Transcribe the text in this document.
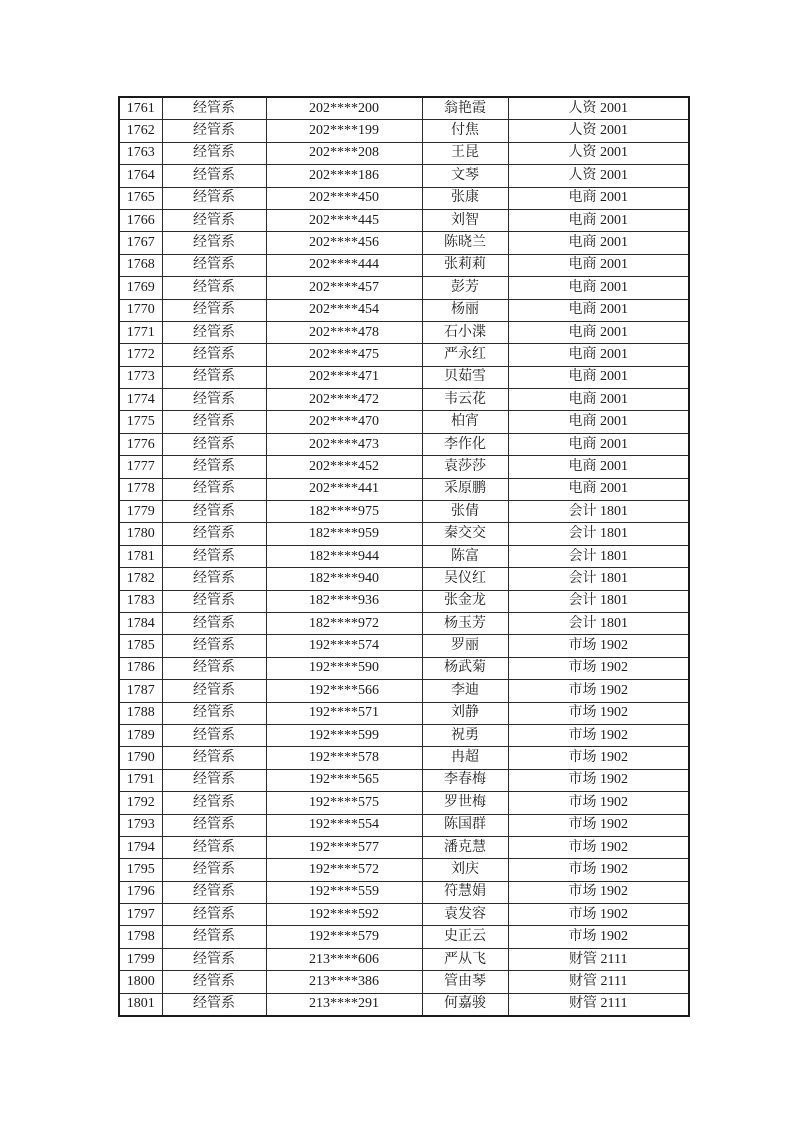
1761	经管系	202****200	翁艳霞	人资 2001
1762	经管系	202****199	付焦	人资 2001
1763	经管系	202****208	王昆	人资 2001
1764	经管系	202****186	文琴	人资 2001
1765	经管系	202****450	张康	电商 2001
1766	经管系	202****445	刘智	电商 2001
1767	经管系	202****456	陈晓兰	电商 2001
1768	经管系	202****444	张莉莉	电商 2001
1769	经管系	202****457	彭芳	电商 2001
1770	经管系	202****454	杨丽	电商 2001
1771	经管系	202****478	石小渫	电商 2001
1772	经管系	202****475	严永红	电商 2001
1773	经管系	202****471	贝茹雪	电商 2001
1774	经管系	202****472	韦云花	电商 2001
1775	经管系	202****470	柏宵	电商 2001
1776	经管系	202****473	李作化	电商 2001
1777	经管系	202****452	袁莎莎	电商 2001
1778	经管系	202****441	采原鹏	电商 2001
1779	经管系	182****975	张倩	会计 1801
1780	经管系	182****959	秦交交	会计 1801
1781	经管系	182****944	陈富	会计 1801
1782	经管系	182****940	吴仪红	会计 1801
1783	经管系	182****936	张金龙	会计 1801
1784	经管系	182****972	杨玉芳	会计 1801
1785	经管系	192****574	罗丽	市场 1902
1786	经管系	192****590	杨武菊	市场 1902
1787	经管系	192****566	李迪	市场 1902
1788	经管系	192****571	刘静	市场 1902
1789	经管系	192****599	祝勇	市场 1902
1790	经管系	192****578	冉超	市场 1902
1791	经管系	192****565	李春梅	市场 1902
1792	经管系	192****575	罗世梅	市场 1902
1793	经管系	192****554	陈国群	市场 1902
1794	经管系	192****577	潘克慧	市场 1902
1795	经管系	192****572	刘庆	市场 1902
1796	经管系	192****559	符慧娟	市场 1902
1797	经管系	192****592	袁发容	市场 1902
1798	经管系	192****579	史正云	市场 1902
1799	经管系	213****606	严从飞	财管 2111
1800	经管系	213****386	管由琴	财管 2111
1801	经管系	213****291	何嘉骏	财管 2111
